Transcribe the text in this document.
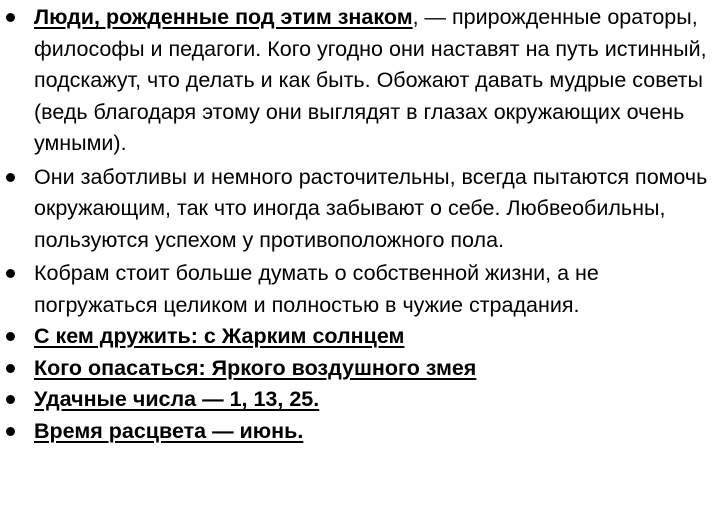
Люди, рожденные под этим знаком, — прирожденные ораторы, философы и педагоги. Кого угодно они наставят на путь истинный, подскажут, что делать и как быть. Обожают давать мудрые советы (ведь благодаря этому они выглядят в глазах окружающих очень умными).
Они заботливы и немного расточительны, всегда пытаются помочь окружающим, так что иногда забывают о себе. Любвеобильны, пользуются успехом у противоположного пола.
Кобрам стоит больше думать о собственной жизни, а не погружаться целиком и полностью в чужие страдания.
С кем дружить: с Жарким солнцем
Кого опасаться: Яркого воздушного змея
Удачные числа — 1, 13, 25.
Время расцвета — июнь.
